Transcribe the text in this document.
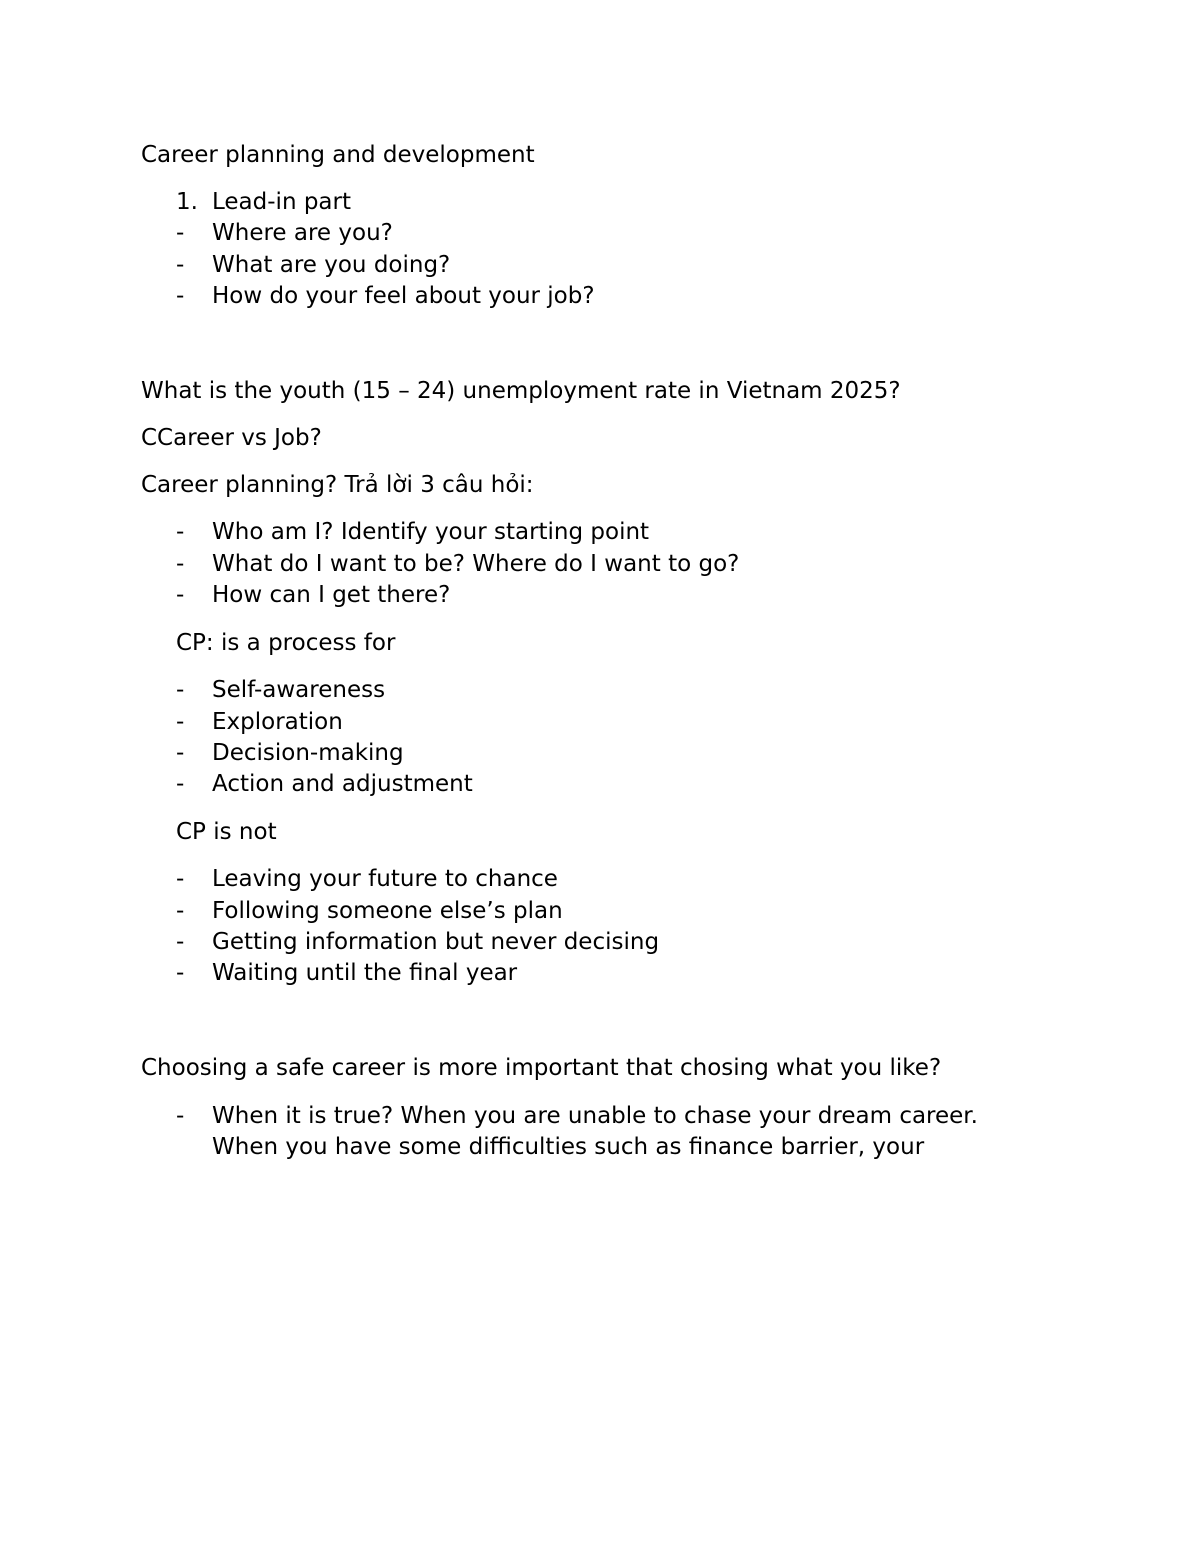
Career planning and development
1. Lead-in part
- Where are you?
- What are you doing?
- How do your feel about your job?
What is the youth (15 – 24) unemployment rate in Vietnam 2025?
CCareer vs Job?
Career planning? Trả lời 3 câu hỏi:
- Who am I? Identify your starting point
- What do I want to be? Where do I want to go?
- How can I get there?
CP: is a process for
- Self-awareness
- Exploration
- Decision-making
- Action and adjustment
CP is not
- Leaving your future to chance
- Following someone else’s plan
- Getting information but never decising
- Waiting until the final year
Choosing a safe career is more important that chosing what you like?
- When it is true? When you are unable to chase your dream career.
When you have some difficulties such as finance barrier, your
